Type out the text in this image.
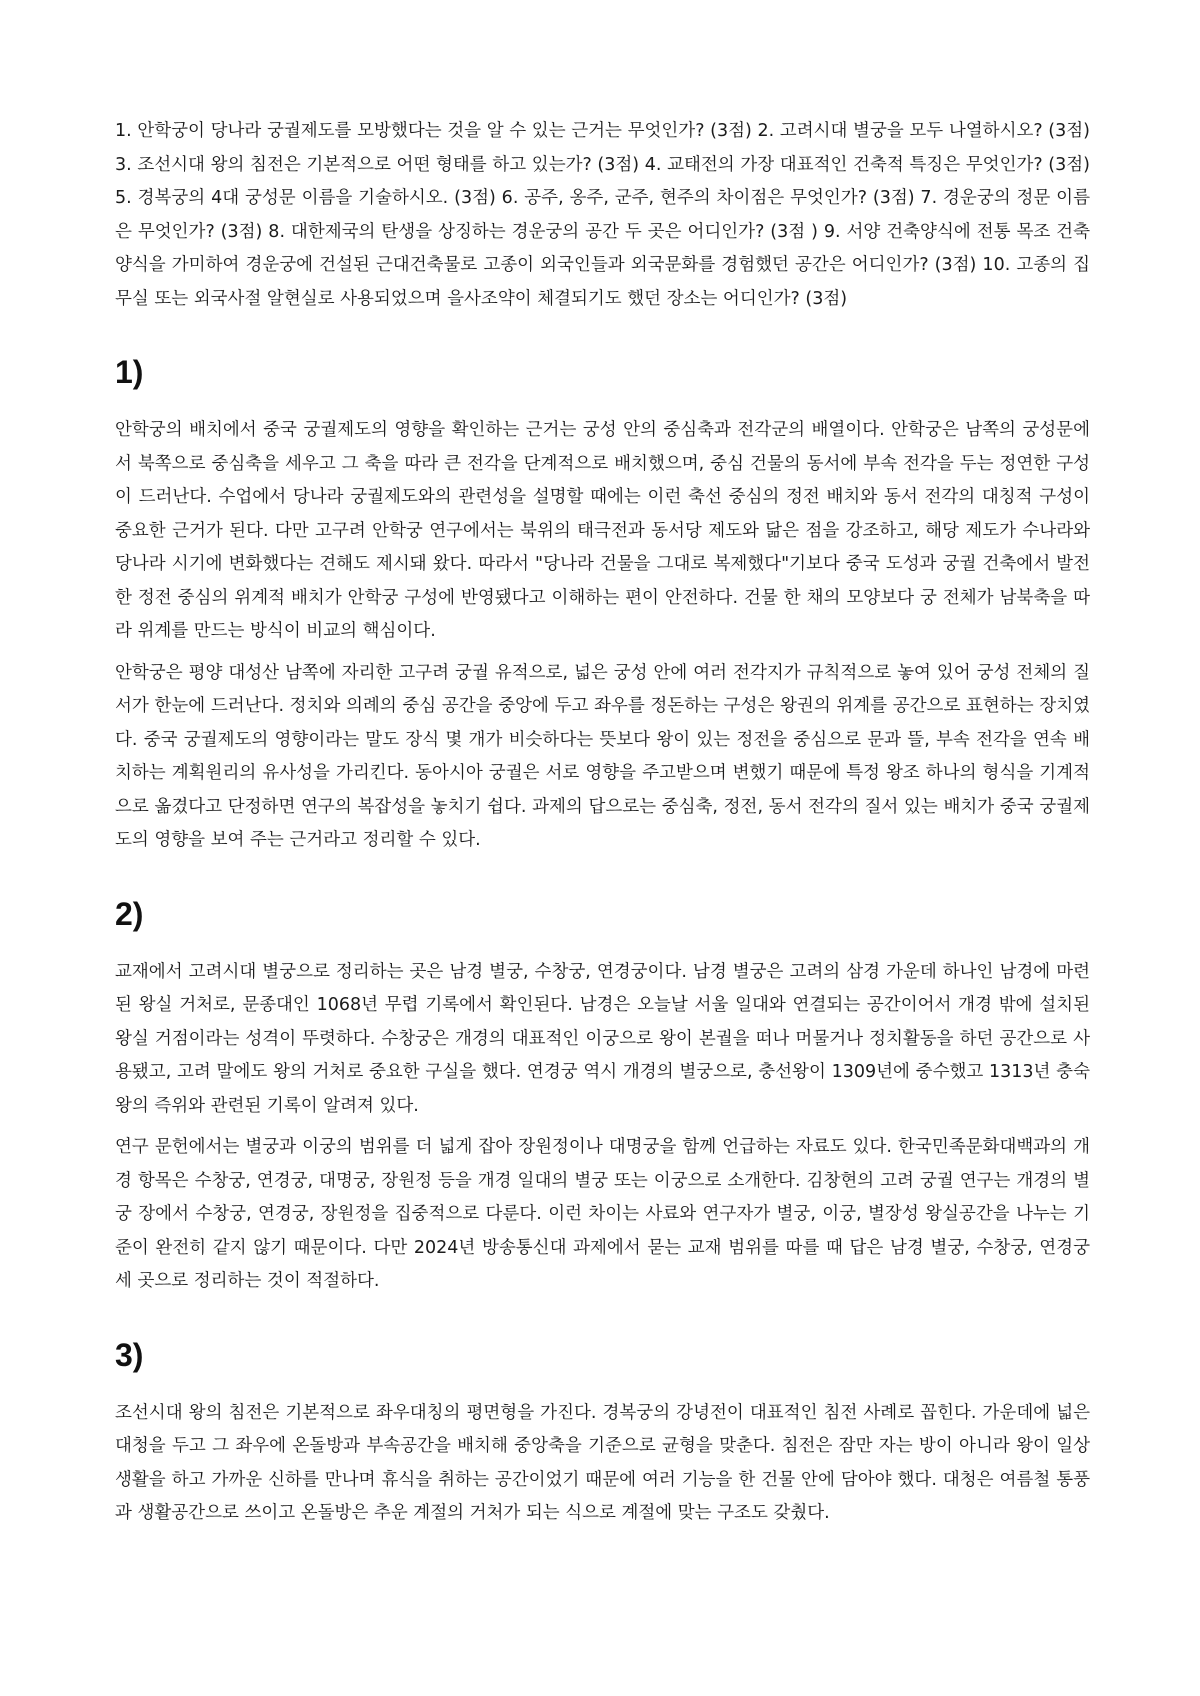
1. 안학궁이 당나라 궁궐제도를 모방했다는 것을 알 수 있는 근거는 무엇인가? (3점) 2. 고려시대 별궁을 모두 나열하시오? (3점) 3. 조선시대 왕의 침전은 기본적으로 어떤 형태를 하고 있는가? (3점) 4. 교태전의 가장 대표적인 건축적 특징은 무엇인가? (3점) 5. 경복궁의 4대 궁성문 이름을 기술하시오. (3점) 6. 공주, 옹주, 군주, 현주의 차이점은 무엇인가? (3점) 7. 경운궁의 정문 이름은 무엇인가? (3점) 8. 대한제국의 탄생을 상징하는 경운궁의 공간 두 곳은 어디인가? (3점 ) 9. 서양 건축양식에 전통 목조 건축양식을 가미하여 경운궁에 건설된 근대건축물로 고종이 외국인들과 외국문화를 경험했던 공간은 어디인가? (3점) 10. 고종의 집무실 또는 외국사절 알현실로 사용되었으며 을사조약이 체결되기도 했던 장소는 어디인가? (3점)

1)

안학궁의 배치에서 중국 궁궐제도의 영향을 확인하는 근거는 궁성 안의 중심축과 전각군의 배열이다. 안학궁은 남쪽의 궁성문에서 북쪽으로 중심축을 세우고 그 축을 따라 큰 전각을 단계적으로 배치했으며, 중심 건물의 동서에 부속 전각을 두는 정연한 구성이 드러난다. 수업에서 당나라 궁궐제도와의 관련성을 설명할 때에는 이런 축선 중심의 정전 배치와 동서 전각의 대칭적 구성이 중요한 근거가 된다. 다만 고구려 안학궁 연구에서는 북위의 태극전과 동서당 제도와 닮은 점을 강조하고, 해당 제도가 수나라와 당나라 시기에 변화했다는 견해도 제시돼 왔다. 따라서 "당나라 건물을 그대로 복제했다"기보다 중국 도성과 궁궐 건축에서 발전한 정전 중심의 위계적 배치가 안학궁 구성에 반영됐다고 이해하는 편이 안전하다. 건물 한 채의 모양보다 궁 전체가 남북축을 따라 위계를 만드는 방식이 비교의 핵심이다.

안학궁은 평양 대성산 남쪽에 자리한 고구려 궁궐 유적으로, 넓은 궁성 안에 여러 전각지가 규칙적으로 놓여 있어 궁성 전체의 질서가 한눈에 드러난다. 정치와 의례의 중심 공간을 중앙에 두고 좌우를 정돈하는 구성은 왕권의 위계를 공간으로 표현하는 장치였다. 중국 궁궐제도의 영향이라는 말도 장식 몇 개가 비슷하다는 뜻보다 왕이 있는 정전을 중심으로 문과 뜰, 부속 전각을 연속 배치하는 계획원리의 유사성을 가리킨다. 동아시아 궁궐은 서로 영향을 주고받으며 변했기 때문에 특정 왕조 하나의 형식을 기계적으로 옮겼다고 단정하면 연구의 복잡성을 놓치기 쉽다. 과제의 답으로는 중심축, 정전, 동서 전각의 질서 있는 배치가 중국 궁궐제도의 영향을 보여 주는 근거라고 정리할 수 있다.

2)

교재에서 고려시대 별궁으로 정리하는 곳은 남경 별궁, 수창궁, 연경궁이다. 남경 별궁은 고려의 삼경 가운데 하나인 남경에 마련된 왕실 거처로, 문종대인 1068년 무렵 기록에서 확인된다. 남경은 오늘날 서울 일대와 연결되는 공간이어서 개경 밖에 설치된 왕실 거점이라는 성격이 뚜렷하다. 수창궁은 개경의 대표적인 이궁으로 왕이 본궐을 떠나 머물거나 정치활동을 하던 공간으로 사용됐고, 고려 말에도 왕의 거처로 중요한 구실을 했다. 연경궁 역시 개경의 별궁으로, 충선왕이 1309년에 중수했고 1313년 충숙왕의 즉위와 관련된 기록이 알려져 있다.

연구 문헌에서는 별궁과 이궁의 범위를 더 넓게 잡아 장원정이나 대명궁을 함께 언급하는 자료도 있다. 한국민족문화대백과의 개경 항목은 수창궁, 연경궁, 대명궁, 장원정 등을 개경 일대의 별궁 또는 이궁으로 소개한다. 김창현의 고려 궁궐 연구는 개경의 별궁 장에서 수창궁, 연경궁, 장원정을 집중적으로 다룬다. 이런 차이는 사료와 연구자가 별궁, 이궁, 별장성 왕실공간을 나누는 기준이 완전히 같지 않기 때문이다. 다만 2024년 방송통신대 과제에서 묻는 교재 범위를 따를 때 답은 남경 별궁, 수창궁, 연경궁 세 곳으로 정리하는 것이 적절하다.

3)

조선시대 왕의 침전은 기본적으로 좌우대칭의 평면형을 가진다. 경복궁의 강녕전이 대표적인 침전 사례로 꼽힌다. 가운데에 넓은 대청을 두고 그 좌우에 온돌방과 부속공간을 배치해 중앙축을 기준으로 균형을 맞춘다. 침전은 잠만 자는 방이 아니라 왕이 일상생활을 하고 가까운 신하를 만나며 휴식을 취하는 공간이었기 때문에 여러 기능을 한 건물 안에 담아야 했다. 대청은 여름철 통풍과 생활공간으로 쓰이고 온돌방은 추운 계절의 거처가 되는 식으로 계절에 맞는 구조도 갖췄다.
